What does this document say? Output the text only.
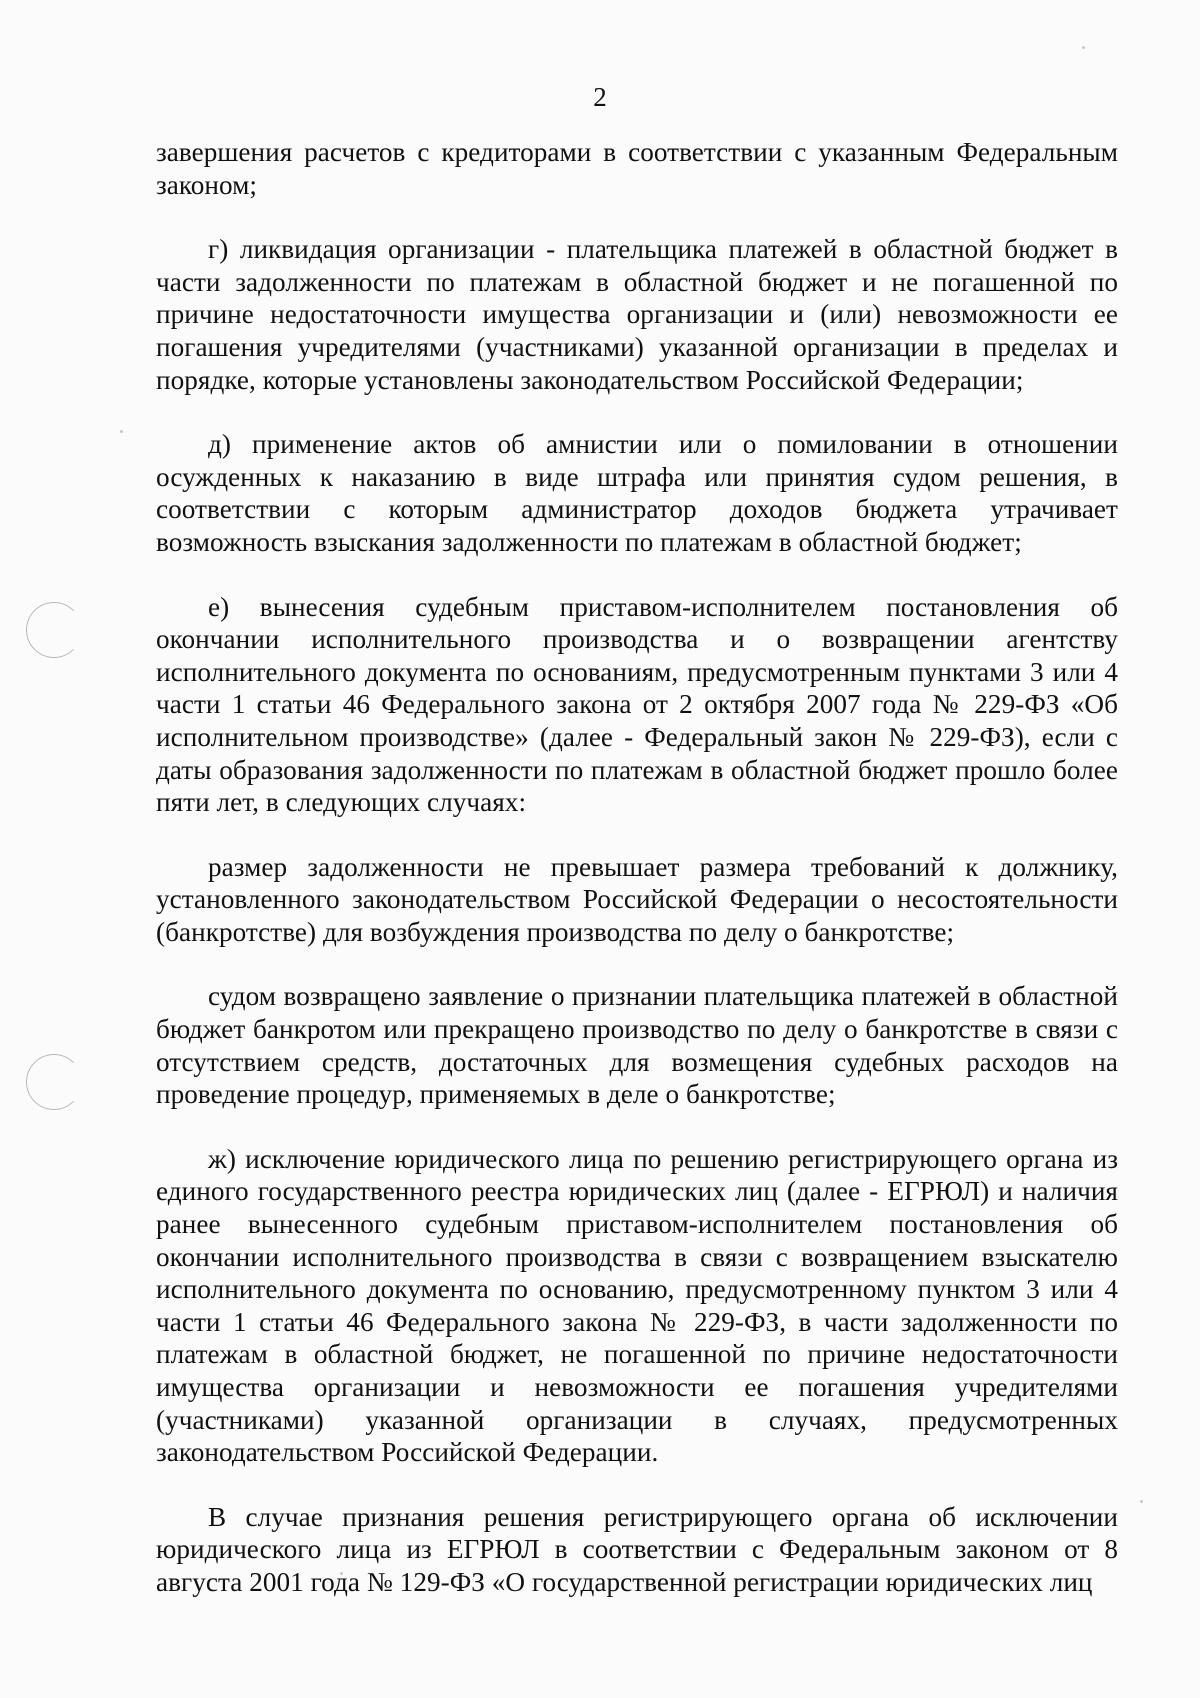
2

завершения расчетов с кредиторами в соответствии с указанным Федеральным законом;

г) ликвидация организации - плательщика платежей в областной бюджет в части задолженности по платежам в областной бюджет и не погашенной по причине недостаточности имущества организации и (или) невозможности ее погашения учредителями (участниками) указанной организации в пределах и порядке, которые установлены законодательством Российской Федерации;

д) применение актов об амнистии или о помиловании в отношении осужденных к наказанию в виде штрафа или принятия судом решения, в соответствии с которым администратор доходов бюджета утрачивает возможность взыскания задолженности по платежам в областной бюджет;

е) вынесения судебным приставом-исполнителем постановления об окончании исполнительного производства и о возвращении агентству исполнительного документа по основаниям, предусмотренным пунктами 3 или 4 части 1 статьи 46 Федерального закона от 2 октября 2007 года № 229-ФЗ «Об исполнительном производстве» (далее - Федеральный закон № 229-ФЗ), если с даты образования задолженности по платежам в областной бюджет прошло более пяти лет, в следующих случаях:

размер задолженности не превышает размера требований к должнику, установленного законодательством Российской Федерации о несостоятельности (банкротстве) для возбуждения производства по делу о банкротстве;

судом возвращено заявление о признании плательщика платежей в областной бюджет банкротом или прекращено производство по делу о банкротстве в связи с отсутствием средств, достаточных для возмещения судебных расходов на проведение процедур, применяемых в деле о банкротстве;

ж) исключение юридического лица по решению регистрирующего органа из единого государственного реестра юридических лиц (далее - ЕГРЮЛ) и наличия ранее вынесенного судебным приставом-исполнителем постановления об окончании исполнительного производства в связи с возвращением взыскателю исполнительного документа по основанию, предусмотренному пунктом 3 или 4 части 1 статьи 46 Федерального закона № 229-ФЗ, в части задолженности по платежам в областной бюджет, не погашенной по причине недостаточности имущества организации и невозможности ее погашения учредителями (участниками) указанной организации в случаях, предусмотренных законодательством Российской Федерации.

В случае признания решения регистрирующего органа об исключении юридического лица из ЕГРЮЛ в соответствии с Федеральным законом от 8 августа 2001 года № 129-ФЗ «О государственной регистрации юридических лиц
